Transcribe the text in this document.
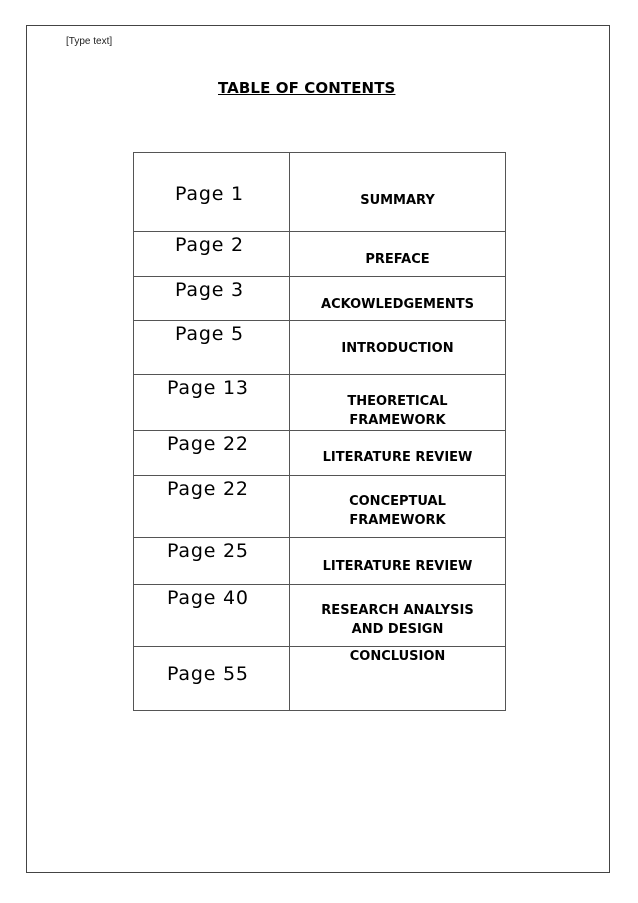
[Type text]
TABLE OF CONTENTS
Page 1	SUMMARY

Page 2	PREFACE

Page 3	ACKOWLEDGEMENTS

Page 5	INTRODUCTION

Page 13	THEORETICAL
FRAMEWORK

Page 22	LITERATURE REVIEW

Page 22	CONCEPTUAL
FRAMEWORK

Page 25	LITERATURE REVIEW

Page 40	RESEARCH ANALYSIS
AND DESIGN

Page 55	CONCLUSION
